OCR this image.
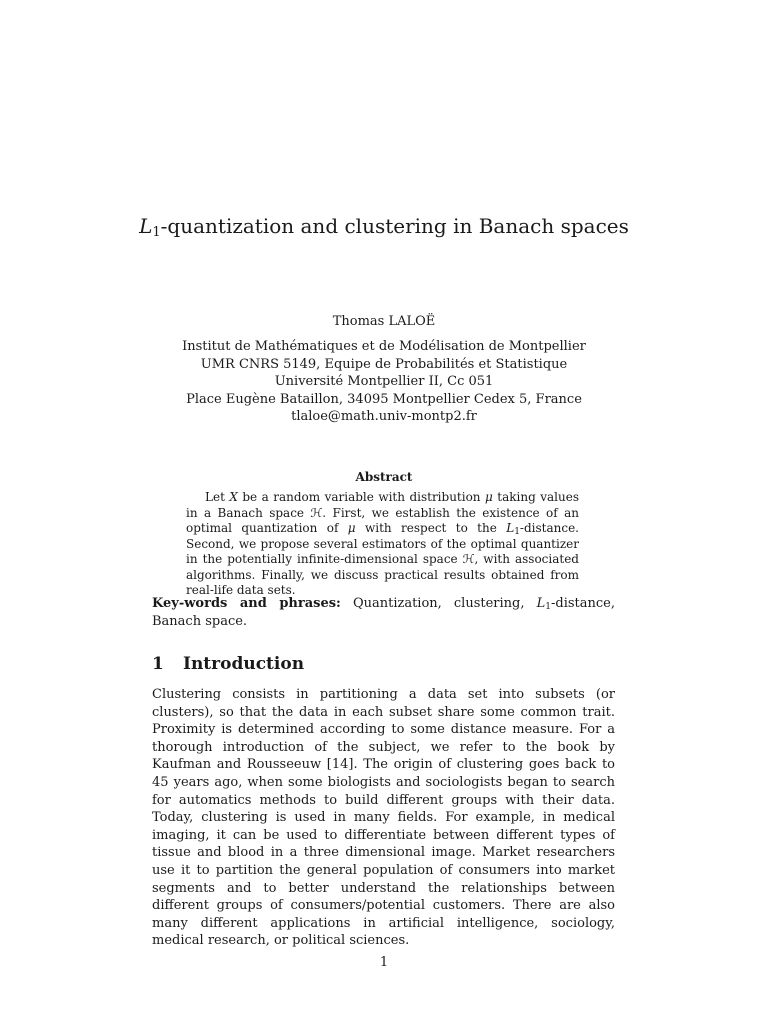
$L_1$-quantization and clustering in Banach spaces
Thomas LALOË
Institut de Mathématiques et de Modélisation de Montpellier
UMR CNRS 5149, Equipe de Probabilités et Statistique
Université Montpellier II, Cc 051
Place Eugène Bataillon, 34095 Montpellier Cedex 5, France
tlaloe@math.univ-montp2.fr
Abstract

Let X be a random variable with distribution μ taking values in a Banach space ℋ. First, we establish the existence of an optimal quantization of μ with respect to the $L_1$-distance. Second, we propose several estimators of the optimal quantizer in the potentially infinite-dimensional space ℋ, with associated algorithms. Finally, we discuss practical results obtained from real-life data sets.

Key-words and phrases: Quantization, clustering, $L_1$-distance, Banach space.

1 Introduction

Clustering consists in partitioning a data set into subsets (or clusters), so that the data in each subset share some common trait. Proximity is determined according to some distance measure. For a thorough introduction of the subject, we refer to the book by Kaufman and Rousseeuw [14]. The origin of clustering goes back to 45 years ago, when some biologists and sociologists began to search for automatics methods to build different groups with their data. Today, clustering is used in many fields. For example, in medical imaging, it can be used to differentiate between different types of tissue and blood in a three dimensional image. Market researchers use it to partition the general population of consumers into market segments and to better understand the relationships between different groups of consumers/potential customers. There are also many different applications in artificial intelligence, sociology, medical research, or political sciences.

1
